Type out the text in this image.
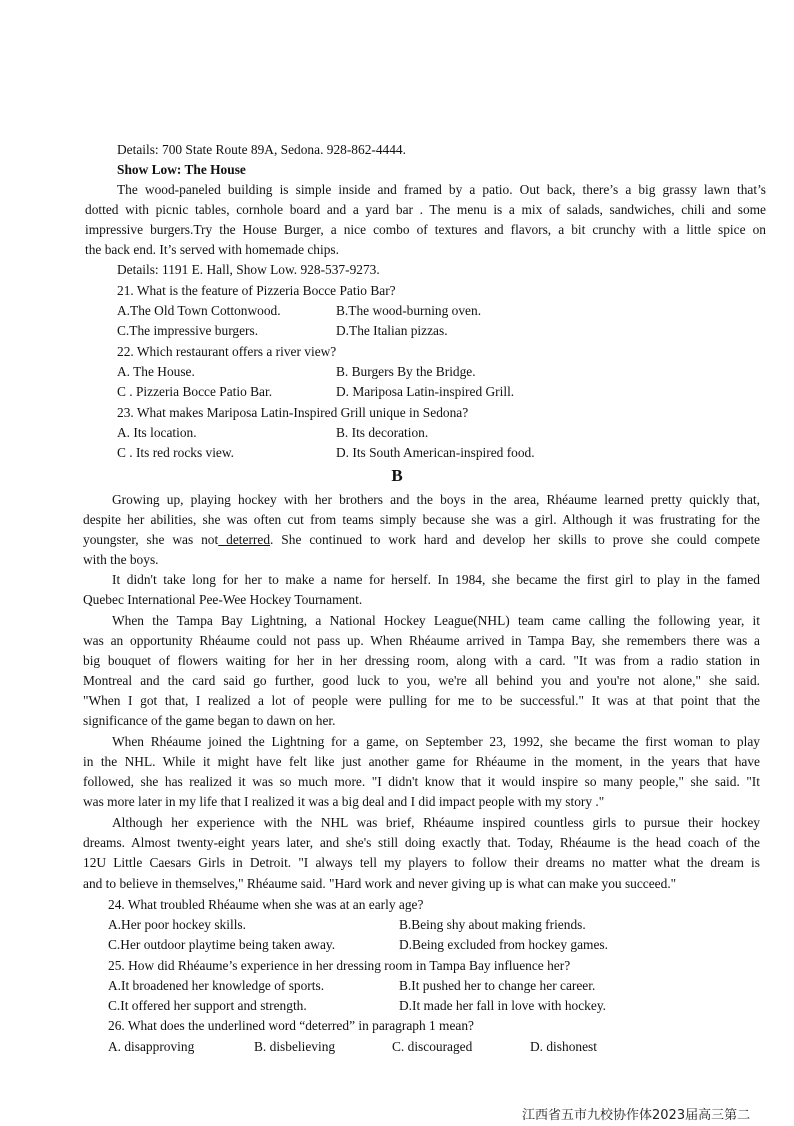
Details: 700 State Route 89A, Sedona. 928-862-4444.
Show Low: The House
The wood-paneled building is simple inside and framed by a patio. Out back, there’s a big grassy lawn that’s
dotted with picnic tables, cornhole board and a yard bar . The menu is a mix of salads, sandwiches, chili and some
impressive burgers.Try the House Burger, a nice combo of textures and flavors, a bit crunchy with a little spice on
the back end. It’s served with homemade chips.
Details: 1191 E. Hall, Show Low. 928-537-9273.
21. What is the feature of Pizzeria Bocce Patio Bar?
A.The Old Town Cottonwood.	B.The wood-burning oven.
C.The impressive burgers.	D.The Italian pizzas.
22. Which restaurant offers a river view?
A. The House.	B. Burgers By the Bridge.
C . Pizzeria Bocce Patio Bar.	D. Mariposa Latin-inspired Grill.
23. What makes Mariposa Latin-Inspired Grill unique in Sedona?
A. Its location.	B. Its decoration.
C . Its red rocks view.	D. Its South American-inspired food.
B
Growing up, playing hockey with her brothers and the boys in the area, Rhéaume learned pretty quickly that,
despite her abilities, she was often cut from teams simply because she was a girl. Although it was frustrating for the
youngster, she was not deterred. She continued to work hard and develop her skills to prove she could compete
with the boys.
It didn't take long for her to make a name for herself. In 1984, she became the first girl to play in the famed
Quebec International Pee-Wee Hockey Tournament.
When the Tampa Bay Lightning, a National Hockey League(NHL) team came calling the following year, it
was an opportunity Rhéaume could not pass up. When Rhéaume arrived in Tampa Bay, she remembers there was a
big bouquet of flowers waiting for her in her dressing room, along with a card. "It was from a radio station in
Montreal and the card said go further, good luck to you, we're all behind you and you're not alone," she said.
"When I got that, I realized a lot of people were pulling for me to be successful." It was at that point that the
significance of the game began to dawn on her.
When Rhéaume joined the Lightning for a game, on September 23, 1992, she became the first woman to play
in the NHL. While it might have felt like just another game for Rhéaume in the moment, in the years that have
followed, she has realized it was so much more. "I didn't know that it would inspire so many people," she said. "It
was more later in my life that I realized it was a big deal and I did impact people with my story ."
Although her experience with the NHL was brief, Rhéaume inspired countless girls to pursue their hockey
dreams. Almost twenty-eight years later, and she's still doing exactly that. Today, Rhéaume is the head coach of the
12U Little Caesars Girls in Detroit. "I always tell my players to follow their dreams no matter what the dream is
and to believe in themselves," Rhéaume said. "Hard work and never giving up is what can make you succeed."
24. What troubled Rhéaume when she was at an early age?
A.Her poor hockey skills.	B.Being shy about making friends.
C.Her outdoor playtime being taken away.	D.Being excluded from hockey games.
25. How did Rhéaume’s experience in her dressing room in Tampa Bay influence her?
A.It broadened her knowledge of sports.	B.It pushed her to change her career.
C.It offered her support and strength.	D.It made her fall in love with hockey.
26. What does the underlined word “deterred” in paragraph 1 mean?
A. disapproving	B. disbelieving	C. discouraged	D. dishonest
江西省五市九校协作体2023届高三第二
